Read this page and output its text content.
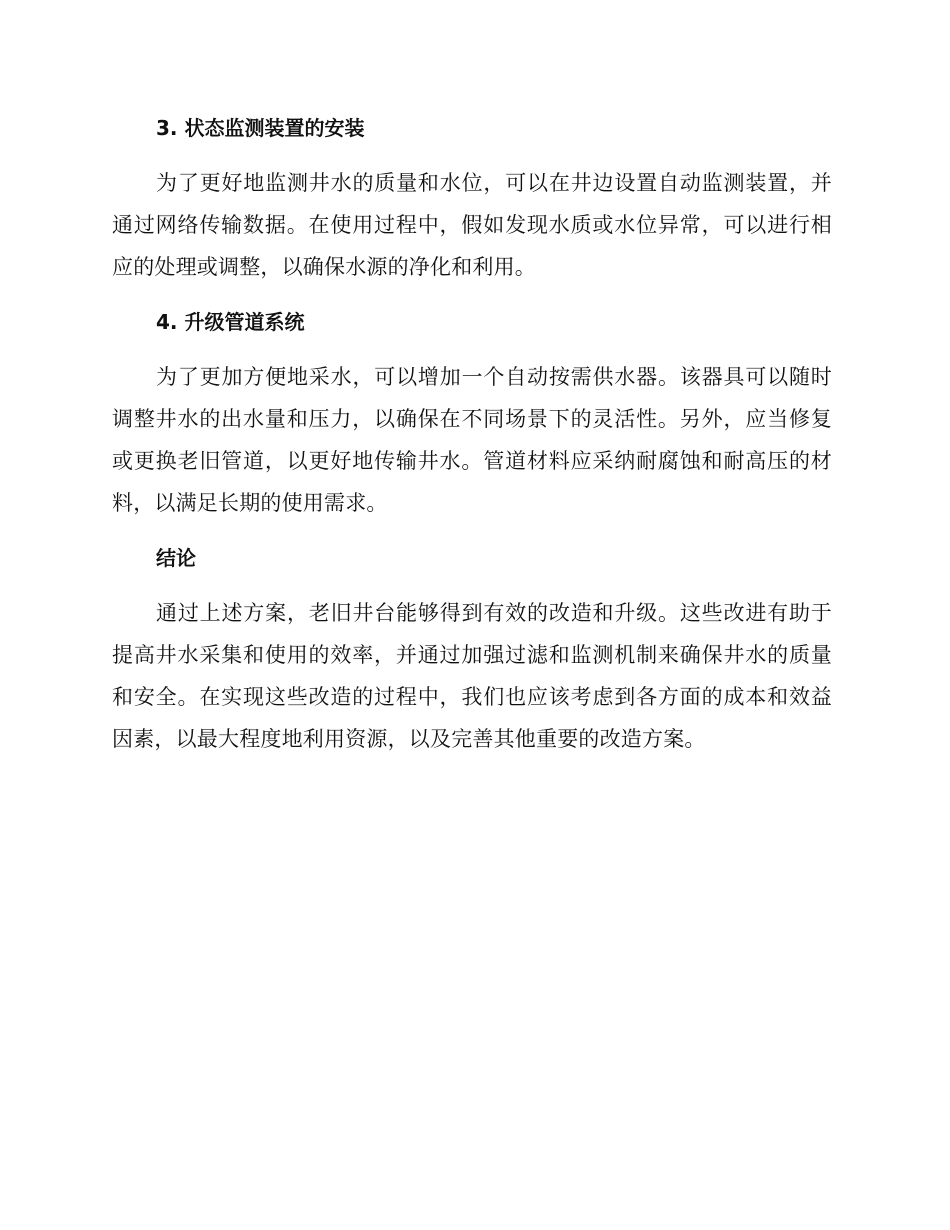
3. 状态监测装置的安装

为了更好地监测井水的质量和水位，可以在井边设置自动监测装置，并通过网络传输数据。在使用过程中，假如发现水质或水位异常，可以进行相应的处理或调整，以确保水源的净化和利用。

4. 升级管道系统

为了更加方便地采水，可以增加一个自动按需供水器。该器具可以随时调整井水的出水量和压力，以确保在不同场景下的灵活性。另外，应当修复或更换老旧管道，以更好地传输井水。管道材料应采纳耐腐蚀和耐高压的材料，以满足长期的使用需求。

结论

通过上述方案，老旧井台能够得到有效的改造和升级。这些改进有助于提高井水采集和使用的效率，并通过加强过滤和监测机制来确保井水的质量和安全。在实现这些改造的过程中，我们也应该考虑到各方面的成本和效益因素，以最大程度地利用资源，以及完善其他重要的改造方案。
